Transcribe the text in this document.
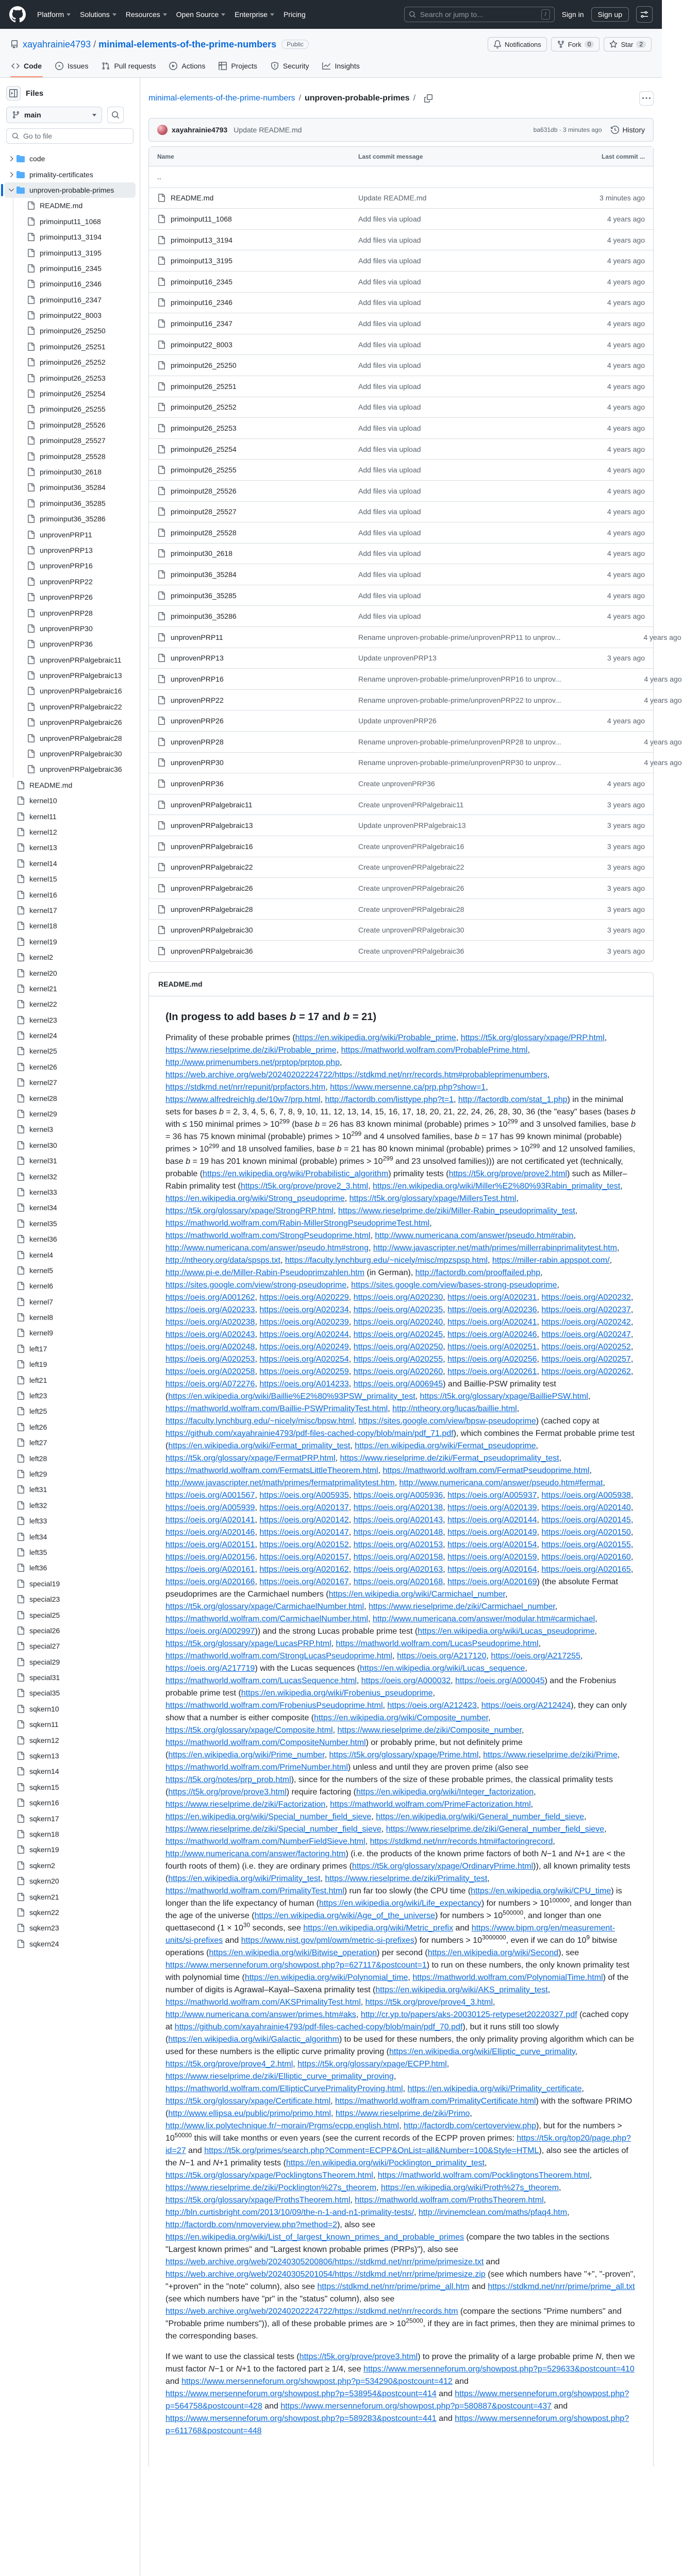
Platform Solutions Resources Open Source Enterprise Pricing	Search or jump to...	/	Sign in	Sign up
xayahrainie4793 / minimal-elements-of-the-prime-numbers	Public	Notifications	Fork	0	Star	2
Code	Issues	Pull requests	Actions	Projects	Security	Insights
Files
main
Go to file
code
primality-certificates
unproven-probable-primes
README.md
primoinput11_1068
primoinput13_3194
primoinput13_3195
primoinput16_2345
primoinput16_2346
primoinput16_2347
primoinput22_8003
primoinput26_25250
primoinput26_25251
primoinput26_25252
primoinput26_25253
primoinput26_25254
primoinput26_25255
primoinput28_25526
primoinput28_25527
primoinput28_25528
primoinput30_2618
primoinput36_35284
primoinput36_35285
primoinput36_35286
unprovenPRP11
unprovenPRP13
unprovenPRP16
unprovenPRP22
unprovenPRP26
unprovenPRP28
unprovenPRP30
unprovenPRP36
unprovenPRPalgebraic11
unprovenPRPalgebraic13
unprovenPRPalgebraic16
unprovenPRPalgebraic22
unprovenPRPalgebraic26
unprovenPRPalgebraic28
unprovenPRPalgebraic30
unprovenPRPalgebraic36
README.md
kernel10
kernel11
kernel12
kernel13
kernel14
kernel15
kernel16
kernel17
kernel18
kernel19
kernel2
kernel20
kernel21
kernel22
kernel23
kernel24
kernel25
kernel26
kernel27
kernel28
kernel29
kernel3
kernel30
kernel31
kernel32
kernel33
kernel34
kernel35
kernel36
kernel4
kernel5
kernel6
kernel7
kernel8
kernel9
left17
left19
left21
left23
left25
left26
left27
left28
left29
left31
left32
left33
left34
left35
left36
special19
special23
special25
special26
special27
special29
special31
special35
sqkern10
sqkern11
sqkern12
sqkern13
sqkern14
sqkern15
sqkern16
sqkern17
sqkern18
sqkern19
sqkern2
sqkern20
sqkern21
sqkern22
sqkern23
sqkern24
minimal-elements-of-the-prime-numbers / unproven-probable-primes /
xayahrainie4793 Update README.md	ba631db · 3 minutes ago	History
Name	Last commit message	Last commit ...
..
README.md	Update README.md	3 minutes ago
primoinput11_1068	Add files via upload	4 years ago
primoinput13_3194	Add files via upload	4 years ago
primoinput13_3195	Add files via upload	4 years ago
primoinput16_2345	Add files via upload	4 years ago
primoinput16_2346	Add files via upload	4 years ago
primoinput16_2347	Add files via upload	4 years ago
primoinput22_8003	Add files via upload	4 years ago
primoinput26_25250	Add files via upload	4 years ago
primoinput26_25251	Add files via upload	4 years ago
primoinput26_25252	Add files via upload	4 years ago
primoinput26_25253	Add files via upload	4 years ago
primoinput26_25254	Add files via upload	4 years ago
primoinput26_25255	Add files via upload	4 years ago
primoinput28_25526	Add files via upload	4 years ago
primoinput28_25527	Add files via upload	4 years ago
primoinput28_25528	Add files via upload	4 years ago
primoinput30_2618	Add files via upload	4 years ago
primoinput36_35284	Add files via upload	4 years ago
primoinput36_35285	Add files via upload	4 years ago
primoinput36_35286	Add files via upload	4 years ago
unprovenPRP11	Rename unproven-probable-prime/unprovenPRP11 to unprov...	4 years ago
unprovenPRP13	Update unprovenPRP13	3 years ago
unprovenPRP16	Rename unproven-probable-prime/unprovenPRP16 to unprov...	4 years ago
unprovenPRP22	Rename unproven-probable-prime/unprovenPRP22 to unprov...	4 years ago
unprovenPRP26	Update unprovenPRP26	4 years ago
unprovenPRP28	Rename unproven-probable-prime/unprovenPRP28 to unprov...	4 years ago
unprovenPRP30	Rename unproven-probable-prime/unprovenPRP30 to unprov...	4 years ago
unprovenPRP36	Create unprovenPRP36	4 years ago
unprovenPRPalgebraic11	Create unprovenPRPalgebraic11	3 years ago
unprovenPRPalgebraic13	Update unprovenPRPalgebraic13	3 years ago
unprovenPRPalgebraic16	Create unprovenPRPalgebraic16	3 years ago
unprovenPRPalgebraic22	Create unprovenPRPalgebraic22	3 years ago
unprovenPRPalgebraic26	Create unprovenPRPalgebraic26	3 years ago
unprovenPRPalgebraic28	Create unprovenPRPalgebraic28	3 years ago
unprovenPRPalgebraic30	Create unprovenPRPalgebraic30	3 years ago
unprovenPRPalgebraic36	Create unprovenPRPalgebraic36	3 years ago
README.md
(In progess to add bases b = 17 and b = 21)

Primality of these probable primes (https://en.wikipedia.org/wiki/Probable_prime, https://t5k.org/glossary/xpage/PRP.html, https://www.rieselprime.de/ziki/Probable_prime, https://mathworld.wolfram.com/ProbablePrime.html, http://www.primenumbers.net/prptop/prptop.php, https://web.archive.org/web/20240202224722/https://stdkmd.net/nrr/records.htm#probableprimenumbers, https://stdkmd.net/nrr/repunit/prpfactors.htm, https://www.mersenne.ca/prp.php?show=1, https://www.alfredreichlg.de/10w7/prp.html, http://factordb.com/listtype.php?t=1, http://factordb.com/stat_1.php) in the minimal sets for bases b = 2, 3, 4, 5, 6, 7, 8, 9, 10, 11, 12, 13, 14, 15, 16, 17, 18, 20, 21, 22, 24, 26, 28, 30, 36 (the "easy" bases (bases b with ≤ 150 minimal primes > $10^{299}$ (base b = 26 has 83 known minimal (probable) primes > $10^{299}$ and 3 unsolved families, base b = 36 has 75 known minimal (probable) primes > $10^{299}$ and 4 unsolved families, base b = 17 has 99 known minimal (probable) primes > $10^{299}$ and 18 unsolved families, base b = 21 has 80 known minimal (probable) primes > $10^{299}$ and 12 unsolved families, base b = 19 has 201 known minimal (probable) primes > $10^{299}$ and 23 unsolved families))) are not certificated yet (technically, probable (https://en.wikipedia.org/wiki/Probabilistic_algorithm) primality tests (https://t5k.org/prove/prove2.html) such as Miller–Rabin primality test (https://t5k.org/prove/prove2_3.html, https://en.wikipedia.org/wiki/Miller%E2%80%93Rabin_primality_test, https://en.wikipedia.org/wiki/Strong_pseudoprime, https://t5k.org/glossary/xpage/MillersTest.html, https://t5k.org/glossary/xpage/StrongPRP.html, https://www.rieselprime.de/ziki/Miller-Rabin_pseudoprimality_test, https://mathworld.wolfram.com/Rabin-MillerStrongPseudoprimeTest.html, https://mathworld.wolfram.com/StrongPseudoprime.html, http://www.numericana.com/answer/pseudo.htm#rabin, http://www.numericana.com/answer/pseudo.htm#strong, http://www.javascripter.net/math/primes/millerrabinprimalitytest.htm, http://ntheory.org/data/spsps.txt, https://faculty.lynchburg.edu/~nicely/misc/mpzspsp.html, https://miller-rabin.appspot.com/, http://www.pi-e.de/Miller-Rabin-Pseudoprimzahlen.htm (in German), http://factordb.com/prooffailed.php, https://sites.google.com/view/strong-pseudoprime, https://sites.google.com/view/bases-strong-pseudoprime, https://oeis.org/A001262, https://oeis.org/A020229, https://oeis.org/A020230, https://oeis.org/A020231, https://oeis.org/A020232, https://oeis.org/A020233, https://oeis.org/A020234, https://oeis.org/A020235, https://oeis.org/A020236, https://oeis.org/A020237, https://oeis.org/A020238, https://oeis.org/A020239, https://oeis.org/A020240, https://oeis.org/A020241, https://oeis.org/A020242, https://oeis.org/A020243, https://oeis.org/A020244, https://oeis.org/A020245, https://oeis.org/A020246, https://oeis.org/A020247, https://oeis.org/A020248, https://oeis.org/A020249, https://oeis.org/A020250, https://oeis.org/A020251, https://oeis.org/A020252, https://oeis.org/A020253, https://oeis.org/A020254, https://oeis.org/A020255, https://oeis.org/A020256, https://oeis.org/A020257, https://oeis.org/A020258, https://oeis.org/A020259, https://oeis.org/A020260, https://oeis.org/A020261, https://oeis.org/A020262, https://oeis.org/A072276, https://oeis.org/A014233, https://oeis.org/A006945) and Baillie-PSW primality test (https://en.wikipedia.org/wiki/Baillie%E2%80%93PSW_primality_test, https://t5k.org/glossary/xpage/BailliePSW.html, https://mathworld.wolfram.com/Baillie-PSWPrimalityTest.html, http://ntheory.org/lucas/baillie.html, https://faculty.lynchburg.edu/~nicely/misc/bpsw.html, https://sites.google.com/view/bpsw-pseudoprime) (cached copy at https://github.com/xayahrainie4793/pdf-files-cached-copy/blob/main/pdf_71.pdf), which combines the Fermat probable prime test (https://en.wikipedia.org/wiki/Fermat_primality_test, https://en.wikipedia.org/wiki/Fermat_pseudoprime, https://t5k.org/glossary/xpage/FermatPRP.html, https://www.rieselprime.de/ziki/Fermat_pseudoprimality_test, https://mathworld.wolfram.com/FermatsLittleTheorem.html, https://mathworld.wolfram.com/FermatPseudoprime.html, http://www.javascripter.net/math/primes/fermatprimalitytest.htm, http://www.numericana.com/answer/pseudo.htm#fermat, https://oeis.org/A001567, https://oeis.org/A005935, https://oeis.org/A005936, https://oeis.org/A005937, https://oeis.org/A005938, https://oeis.org/A005939, https://oeis.org/A020137, https://oeis.org/A020138, https://oeis.org/A020139, https://oeis.org/A020140, https://oeis.org/A020141, https://oeis.org/A020142, https://oeis.org/A020143, https://oeis.org/A020144, https://oeis.org/A020145, https://oeis.org/A020146, https://oeis.org/A020147, https://oeis.org/A020148, https://oeis.org/A020149, https://oeis.org/A020150, https://oeis.org/A020151, https://oeis.org/A020152, https://oeis.org/A020153, https://oeis.org/A020154, https://oeis.org/A020155, https://oeis.org/A020156, https://oeis.org/A020157, https://oeis.org/A020158, https://oeis.org/A020159, https://oeis.org/A020160, https://oeis.org/A020161, https://oeis.org/A020162, https://oeis.org/A020163, https://oeis.org/A020164, https://oeis.org/A020165, https://oeis.org/A020166, https://oeis.org/A020167, https://oeis.org/A020168, https://oeis.org/A020169) (the absolute Fermat pseudoprimes are the Carmichael numbers (https://en.wikipedia.org/wiki/Carmichael_number, https://t5k.org/glossary/xpage/CarmichaelNumber.html, https://www.rieselprime.de/ziki/Carmichael_number, https://mathworld.wolfram.com/CarmichaelNumber.html, http://www.numericana.com/answer/modular.htm#carmichael, https://oeis.org/A002997)) and the strong Lucas probable prime test (https://en.wikipedia.org/wiki/Lucas_pseudoprime, https://t5k.org/glossary/xpage/LucasPRP.html, https://mathworld.wolfram.com/LucasPseudoprime.html, https://mathworld.wolfram.com/StrongLucasPseudoprime.html, https://oeis.org/A217120, https://oeis.org/A217255, https://oeis.org/A217719) with the Lucas sequences (https://en.wikipedia.org/wiki/Lucas_sequence, https://mathworld.wolfram.com/LucasSequence.html, https://oeis.org/A000032, https://oeis.org/A000045) and the Frobenius probable prime test (https://en.wikipedia.org/wiki/Frobenius_pseudoprime, https://mathworld.wolfram.com/FrobeniusPseudoprime.html, https://oeis.org/A212423, https://oeis.org/A212424), they can only show that a number is either composite (https://en.wikipedia.org/wiki/Composite_number, https://t5k.org/glossary/xpage/Composite.html, https://www.rieselprime.de/ziki/Composite_number, https://mathworld.wolfram.com/CompositeNumber.html) or probably prime, but not definitely prime (https://en.wikipedia.org/wiki/Prime_number, https://t5k.org/glossary/xpage/Prime.html, https://www.rieselprime.de/ziki/Prime, https://mathworld.wolfram.com/PrimeNumber.html) unless and until they are proven prime (also see https://t5k.org/notes/prp_prob.html), since for the numbers of the size of these probable primes, the classical primality tests (https://t5k.org/prove/prove3.html) require factoring (https://en.wikipedia.org/wiki/Integer_factorization, https://www.rieselprime.de/ziki/Factorization, https://mathworld.wolfram.com/PrimeFactorization.html, https://en.wikipedia.org/wiki/Special_number_field_sieve, https://en.wikipedia.org/wiki/General_number_field_sieve, https://www.rieselprime.de/ziki/Special_number_field_sieve, https://www.rieselprime.de/ziki/General_number_field_sieve, https://mathworld.wolfram.com/NumberFieldSieve.html, https://stdkmd.net/nrr/records.htm#factoringrecord, http://www.numericana.com/answer/factoring.htm) (i.e. the products of the known prime factors of both N−1 and N+1 are < the fourth roots of them) (i.e. they are ordinary primes (https://t5k.org/glossary/xpage/OrdinaryPrime.html)), all known primality tests (https://en.wikipedia.org/wiki/Primality_test, https://www.rieselprime.de/ziki/Primality_test, https://mathworld.wolfram.com/PrimalityTest.html) run far too slowly (the CPU time (https://en.wikipedia.org/wiki/CPU_time) is longer than the life expectancy of human (https://en.wikipedia.org/wiki/Life_expectancy) for numbers > $10^{100000}$, and longer than the age of the universe (https://en.wikipedia.org/wiki/Age_of_the_universe) for numbers > $10^{500000}$, and longer than one quettasecond ($1 \times 10^{30}$ seconds, see https://en.wikipedia.org/wiki/Metric_prefix and https://www.bipm.org/en/measurement-units/si-prefixes and https://www.nist.gov/pml/owm/metric-si-prefixes) for numbers > $10^{3000000}$, even if we can do $10^9$ bitwise operations (https://en.wikipedia.org/wiki/Bitwise_operation) per second (https://en.wikipedia.org/wiki/Second), see https://www.mersenneforum.org/showpost.php?p=627117&postcount=1) to run on these numbers, the only known primality test with polynomial time (https://en.wikipedia.org/wiki/Polynomial_time, https://mathworld.wolfram.com/PolynomialTime.html) of the number of digits is Agrawal–Kayal–Saxena primality test (https://en.wikipedia.org/wiki/AKS_primality_test, https://mathworld.wolfram.com/AKSPrimalityTest.html, https://t5k.org/prove/prove4_3.html, http://www.numericana.com/answer/primes.htm#aks, http://cr.yp.to/papers/aks-20030125-retypeset20220327.pdf (cached copy at https://github.com/xayahrainie4793/pdf-files-cached-copy/blob/main/pdf_70.pdf), but it runs still too slowly (https://en.wikipedia.org/wiki/Galactic_algorithm) to be used for these numbers, the only primality proving algorithm which can be used for these numbers is the elliptic curve primality proving (https://en.wikipedia.org/wiki/Elliptic_curve_primality, https://t5k.org/prove/prove4_2.html, https://t5k.org/glossary/xpage/ECPP.html, https://www.rieselprime.de/ziki/Elliptic_curve_primality_proving, https://mathworld.wolfram.com/EllipticCurvePrimalityProving.html, https://en.wikipedia.org/wiki/Primality_certificate, https://t5k.org/glossary/xpage/Certificate.html, https://mathworld.wolfram.com/PrimalityCertificate.html) with the software PRIMO (http://www.ellipsa.eu/public/primo/primo.html, https://www.rieselprime.de/ziki/Primo, http://www.lix.polytechnique.fr/~morain/Prgms/ecpp.english.html, http://factordb.com/certoverview.php), but for the numbers > $10^{50000}$ this will take months or even years (see the current records of the ECPP proven primes: https://t5k.org/top20/page.php?id=27 and https://t5k.org/primes/search.php?Comment=ECPP&OnList=all&Number=100&Style=HTML), also see the articles of the N−1 and N+1 primality tests (https://en.wikipedia.org/wiki/Pocklington_primality_test, https://t5k.org/glossary/xpage/PocklingtonsTheorem.html, https://mathworld.wolfram.com/PocklingtonsTheorem.html, https://www.rieselprime.de/ziki/Pocklington%27s_theorem, https://en.wikipedia.org/wiki/Proth%27s_theorem, https://t5k.org/glossary/xpage/ProthsTheorem.html, https://mathworld.wolfram.com/ProthsTheorem.html, http://bln.curtisbright.com/2013/10/09/the-n-1-and-n1-primality-tests/, http://irvinemclean.com/maths/pfaq4.htm, http://factordb.com/nmoverview.php?method=2), also see https://en.wikipedia.org/wiki/List_of_largest_known_primes_and_probable_primes (compare the two tables in the sections "Largest known primes" and "Largest known probable primes (PRPs)"), also see https://web.archive.org/web/20240305200806/https://stdkmd.net/nrr/prime/primesize.txt and https://web.archive.org/web/20240305201054/https://stdkmd.net/nrr/prime/primesize.zip (see which numbers have "+", "-proven", "+proven" in the "note" column), also see https://stdkmd.net/nrr/prime/prime_all.htm and https://stdkmd.net/nrr/prime/prime_all.txt (see which numbers have "pr" in the "status" column), also see https://web.archive.org/web/20240202224722/https://stdkmd.net/nrr/records.htm (compare the sections "Prime numbers" and "Probable prime numbers")), all of these probable primes are > $10^{25000}$, if they are in fact primes, then they are minimal primes to the corresponding bases.

If we want to use the classical tests (https://t5k.org/prove/prove3.html) to prove the primality of a large probable prime N, then we must factor N−1 or N+1 to the factored part ≥ 1/4, see https://www.mersenneforum.org/showpost.php?p=529633&postcount=410 and https://www.mersenneforum.org/showpost.php?p=534290&postcount=412 and https://www.mersenneforum.org/showpost.php?p=538954&postcount=414 and https://www.mersenneforum.org/showpost.php?p=564758&postcount=428 and https://www.mersenneforum.org/showpost.php?p=580887&postcount=437 and https://www.mersenneforum.org/showpost.php?p=589283&postcount=441 and https://www.mersenneforum.org/showpost.php?p=611768&postcount=448
